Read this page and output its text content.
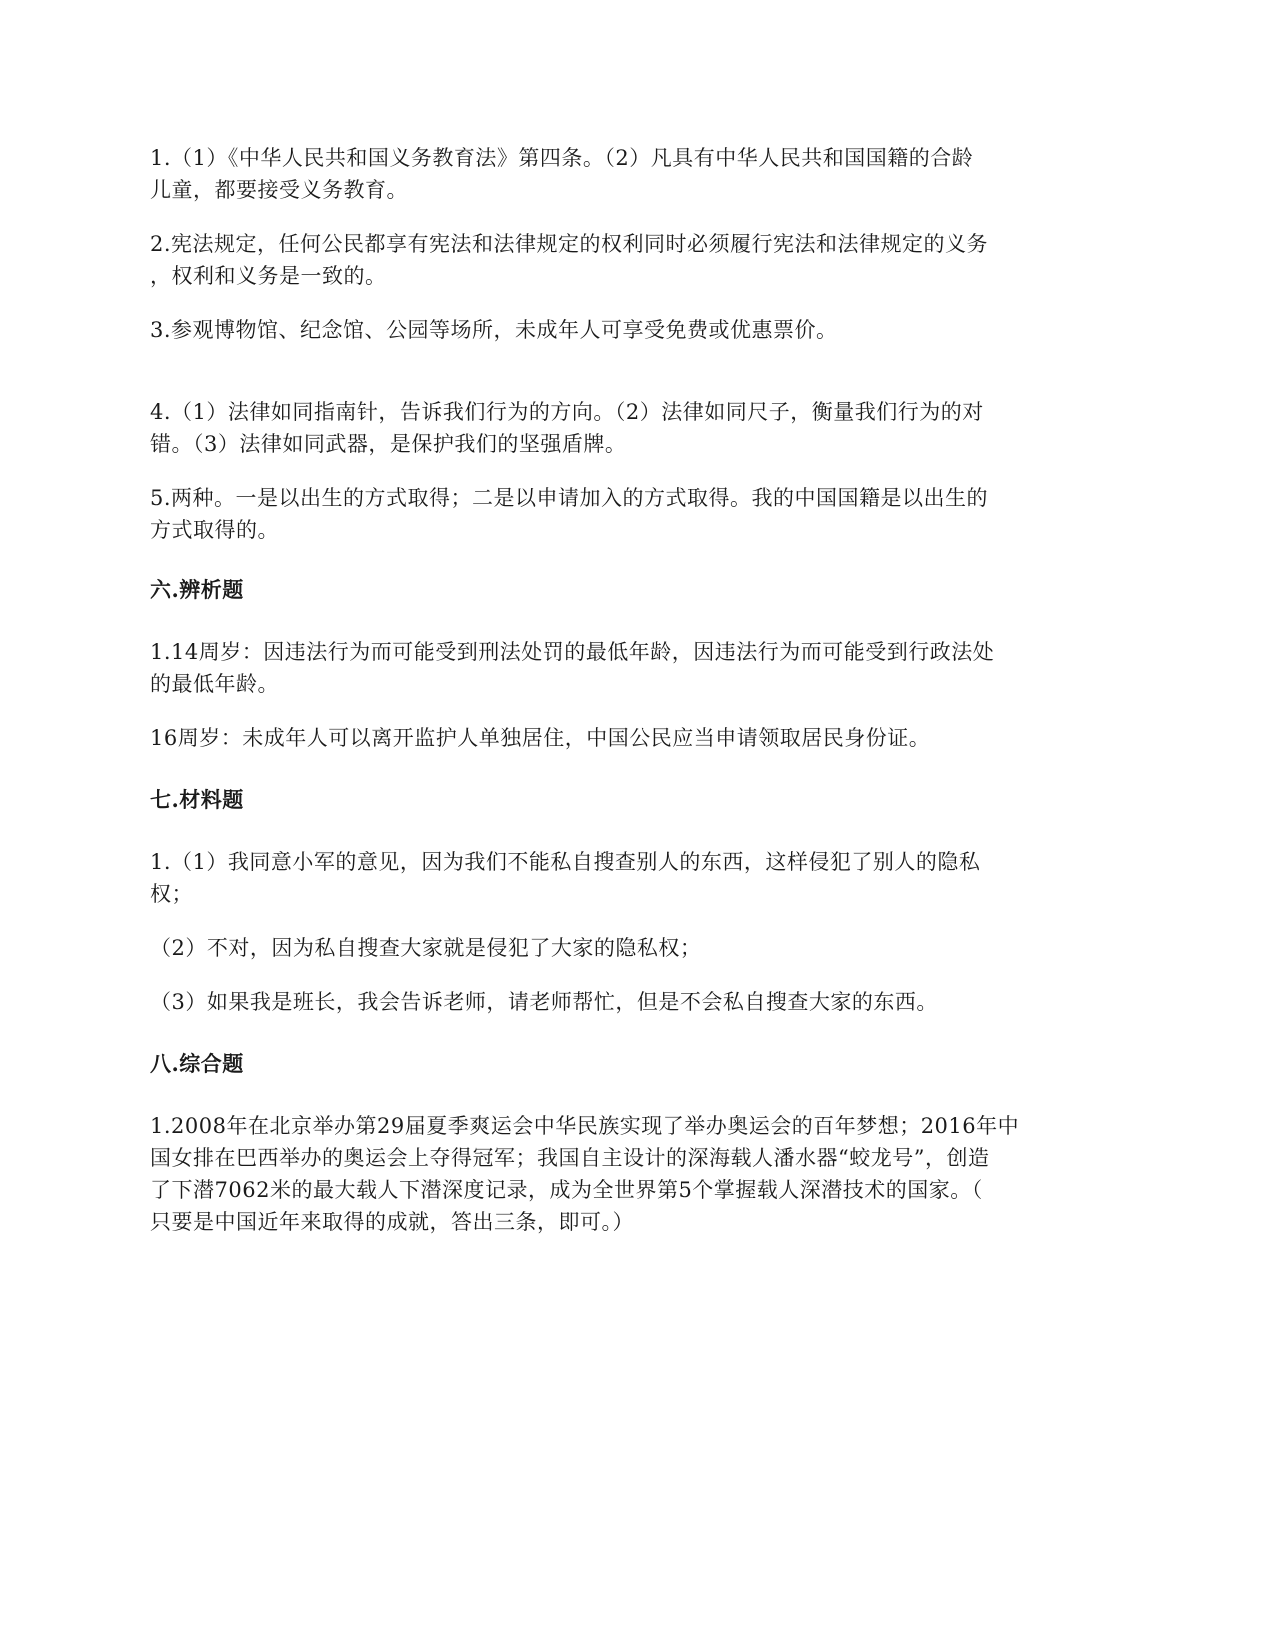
1.（1）《中华人民共和国义务教育法》第四条。（2）凡具有中华人民共和国国籍的合龄
儿童，都要接受义务教育。

2.宪法规定，任何公民都享有宪法和法律规定的权利同时必须履行宪法和法律规定的义务
，权利和义务是一致的。

3.参观博物馆、纪念馆、公园等场所，未成年人可享受免费或优惠票价。

4.（1）法律如同指南针，告诉我们行为的方向。（2）法律如同尺子，衡量我们行为的对
错。（3）法律如同武器，是保护我们的坚强盾牌。

5.两种。一是以出生的方式取得；二是以申请加入的方式取得。我的中国国籍是以出生的
方式取得的。

六.辨析题

1.14周岁：因违法行为而可能受到刑法处罚的最低年龄，因违法行为而可能受到行政法处
的最低年龄。

16周岁：未成年人可以离开监护人单独居住，中国公民应当申请领取居民身份证。

七.材料题

1.（1）我同意小军的意见，因为我们不能私自搜查别人的东西，这样侵犯了别人的隐私
权；

（2）不对，因为私自搜查大家就是侵犯了大家的隐私权；

（3）如果我是班长，我会告诉老师，请老师帮忙，但是不会私自搜查大家的东西。

八.综合题

1.2008年在北京举办第29届夏季爽运会中华民族实现了举办奥运会的百年梦想；2016年中
国女排在巴西举办的奥运会上夺得冠军；我国自主设计的深海载人潘水器“蛟龙号”，创造
了下潜7062米的最大载人下潜深度记录，成为全世界第5个掌握载人深潜技术的国家。（
只要是中国近年来取得的成就，答出三条，即可。）
